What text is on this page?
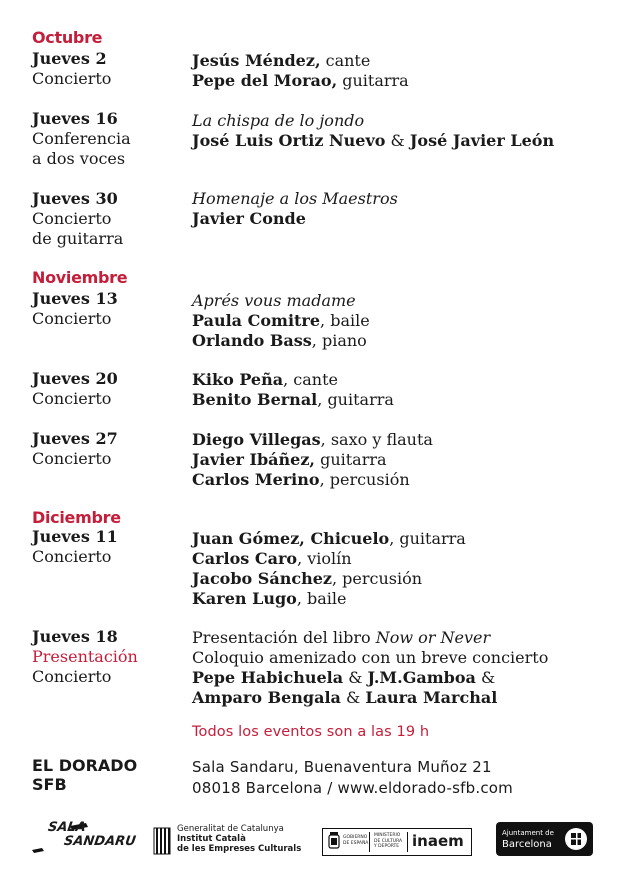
Octubre
Jueves 2
Concierto
Jesús Méndez, cante
Pepe del Morao, guitarra
Jueves 16
Conferencia
a dos voces
La chispa de lo jondo
José Luis Ortiz Nuevo & José Javier León
Jueves 30
Concierto
de guitarra
Homenaje a los Maestros
Javier Conde
Noviembre
Jueves 13
Concierto
Aprés vous madame
Paula Comitre, baile
Orlando Bass, piano
Jueves 20
Concierto
Kiko Peña, cante
Benito Bernal, guitarra
Jueves 27
Concierto
Diego Villegas, saxo y flauta
Javier Ibáñez, guitarra
Carlos Merino, percusión
Diciembre
Jueves 11
Concierto
Juan Gómez, Chicuelo, guitarra
Carlos Caro, violín
Jacobo Sánchez, percusión
Karen Lugo, baile
Jueves 18
Presentación
Concierto
Presentación del libro Now or Never
Coloquio amenizado con un breve concierto
Pepe Habichuela & J.M.Gamboa &
Amparo Bengala & Laura Marchal
Todos los eventos son a las 19 h
EL DORADO
SFB
Sala Sandaru, Buenaventura Muñoz 21
08018 Barcelona / www.eldorado-sfb.com
SALA
SANDARU
Generalitat de Catalunya
Institut Català
de les Empreses Culturals
GOBIERNO
DE ESPAÑA
MINISTERIO
DE CULTURA
Y DEPORTE inaem	Ajuntament de
Barcelona
